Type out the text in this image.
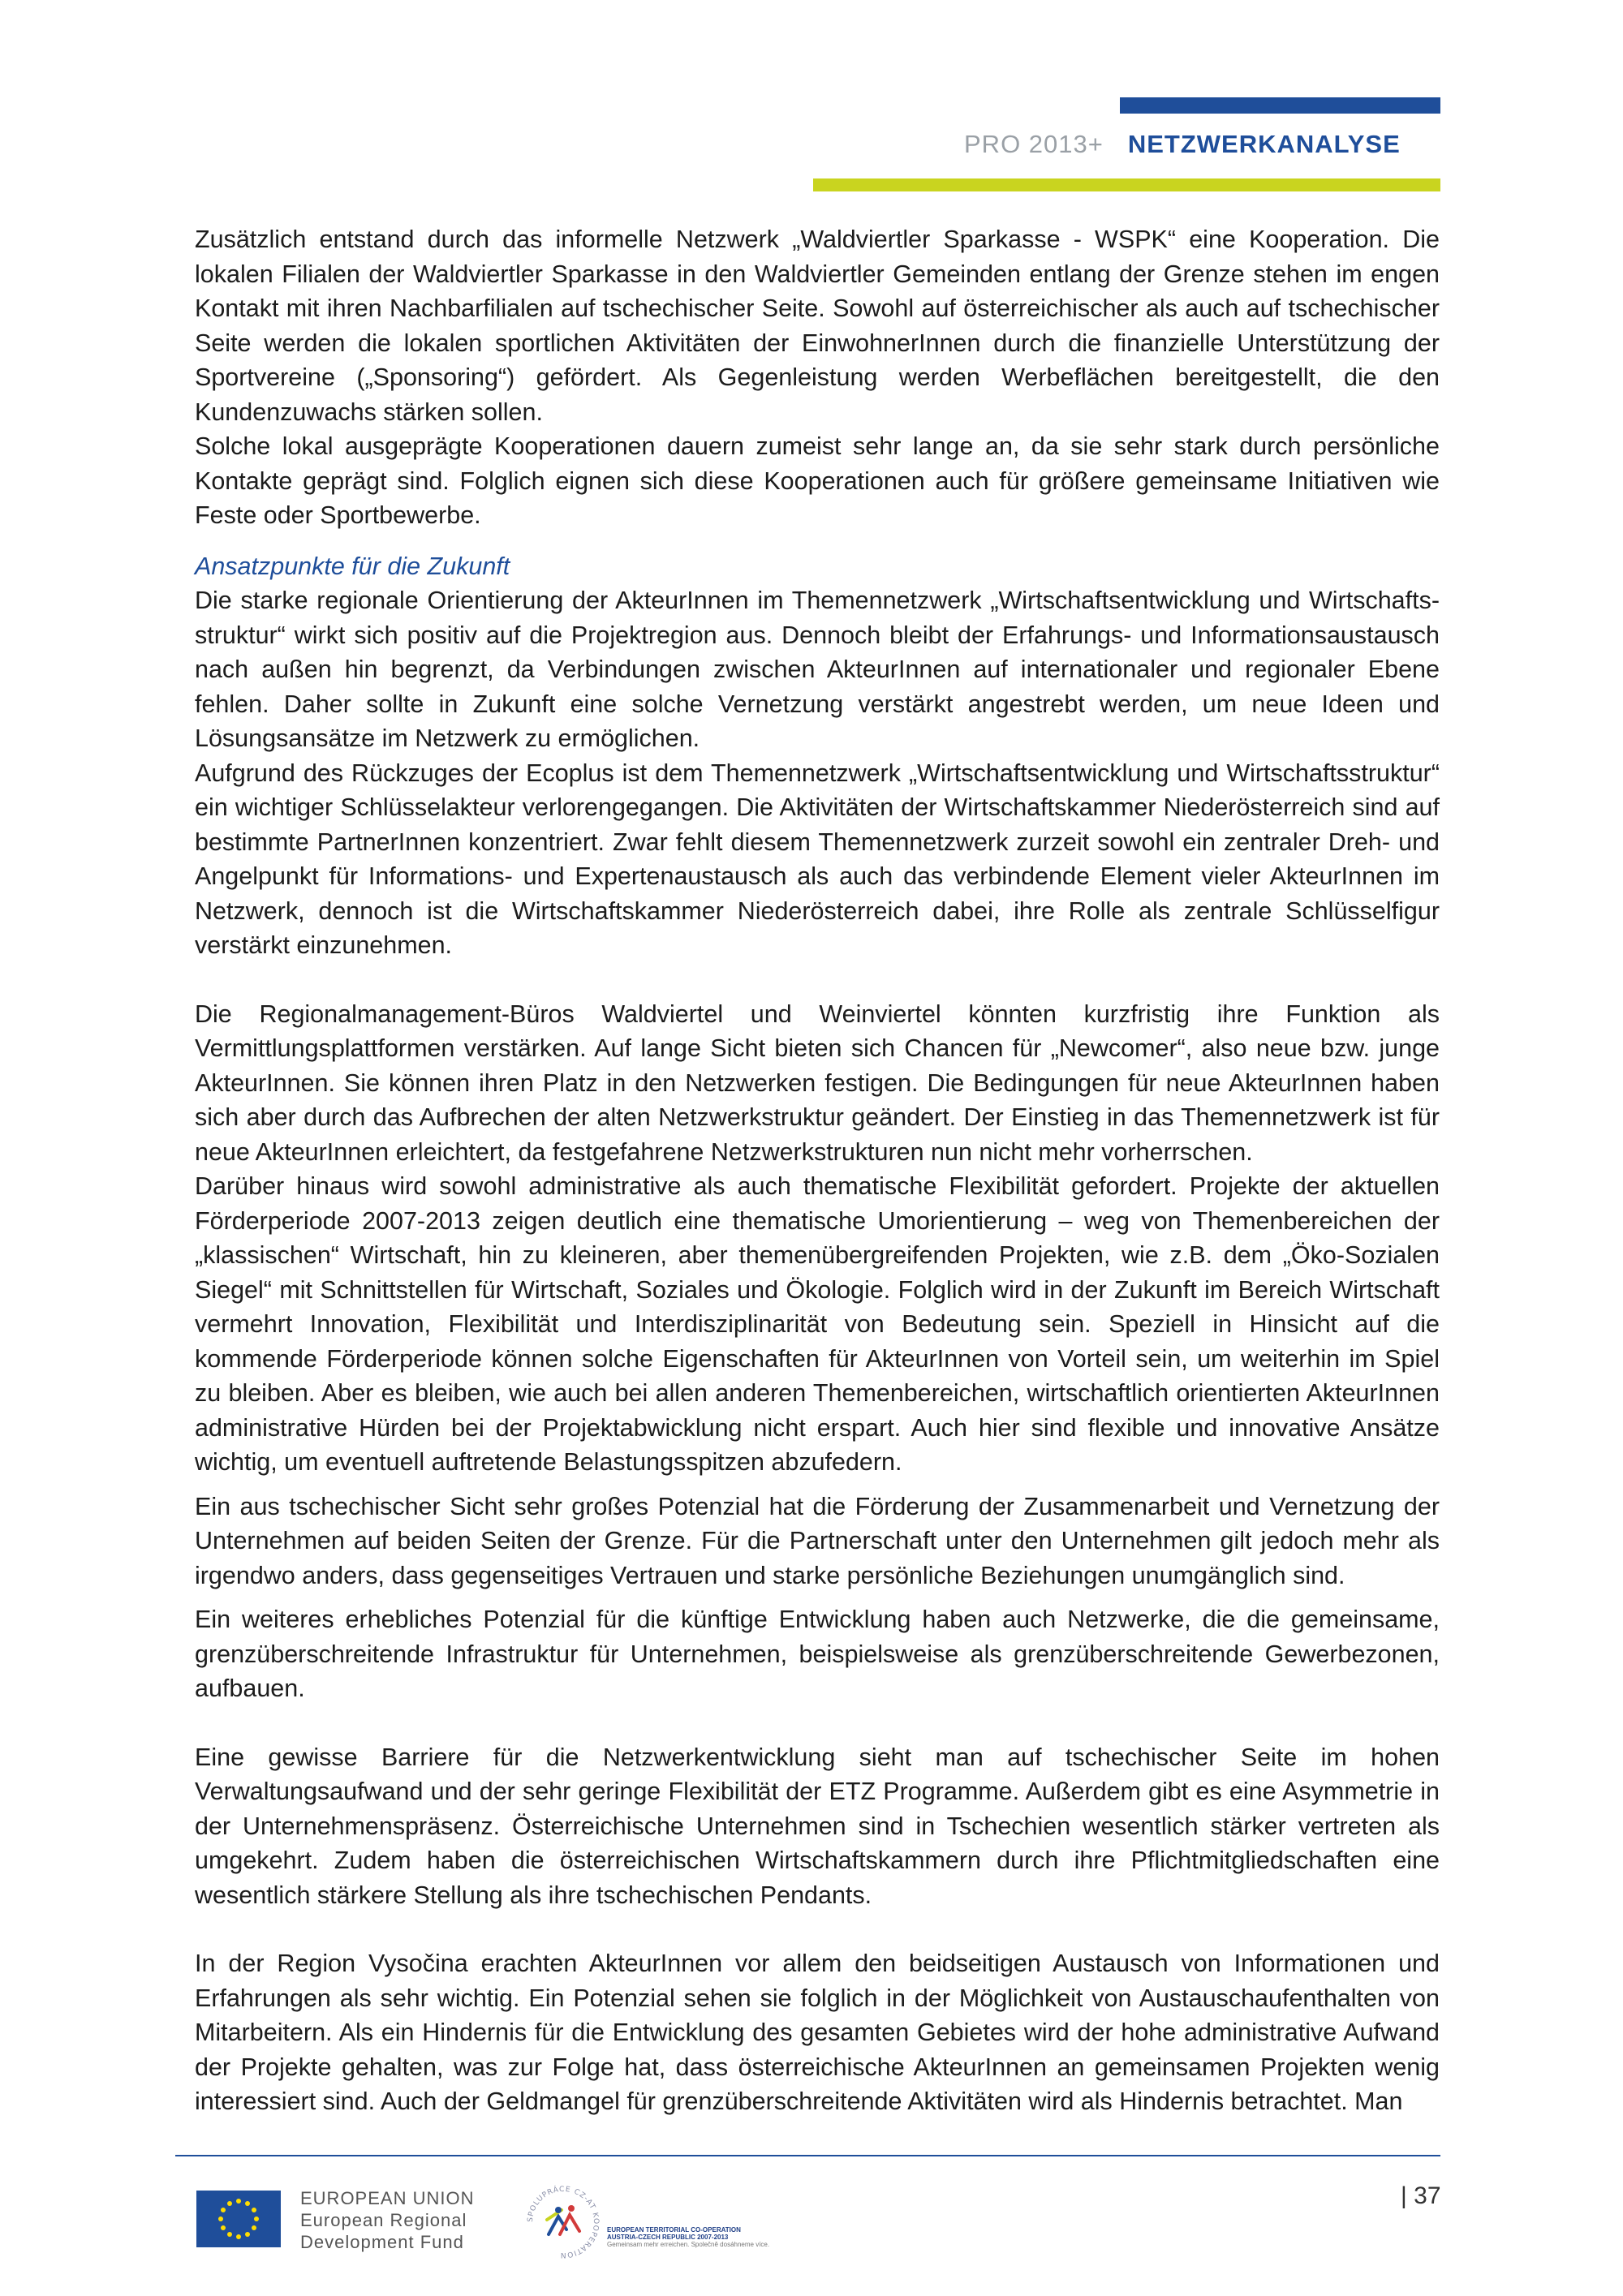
PRO 2013+ NETZWERKANALYSE

Zusätzlich entstand durch das informelle Netzwerk „Waldviertler Sparkasse - WSPK“ eine Kooperation. Die lokalen Filialen der Waldviertler Sparkasse in den Waldviertler Gemeinden entlang der Grenze stehen im engen Kontakt mit ihren Nachbarfilialen auf tschechischer Seite. Sowohl auf österreichischer als auch auf tschechischer Seite werden die lokalen sportlichen Aktivitäten der EinwohnerInnen durch die finanzielle Unterstützung der Sportvereine („Sponsoring“) gefördert. Als Gegenleistung werden Werbeflächen bereitgestellt, die den Kundenzuwachs stärken sollen.

Solche lokal ausgeprägte Kooperationen dauern zumeist sehr lange an, da sie sehr stark durch persönliche Kontakte geprägt sind. Folglich eignen sich diese Kooperationen auch für größere gemeinsame Initiativen wie Feste oder Sportbewerbe.

Ansatzpunkte für die Zukunft

Die starke regionale Orientierung der AkteurInnen im Themennetzwerk „Wirtschaftsentwicklung und Wirtschafts-struktur“ wirkt sich positiv auf die Projektregion aus. Dennoch bleibt der Erfahrungs- und Informationsaustausch nach außen hin begrenzt, da Verbindungen zwischen AkteurInnen auf internationaler und regionaler Ebene fehlen. Daher sollte in Zukunft eine solche Vernetzung verstärkt angestrebt werden, um neue Ideen und Lösungsansätze im Netzwerk zu ermöglichen.

Aufgrund des Rückzuges der Ecoplus ist dem Themennetzwerk „Wirtschaftsentwicklung und Wirtschaftsstruktur“ ein wichtiger Schlüsselakteur verlorengegangen. Die Aktivitäten der Wirtschaftskammer Niederösterreich sind auf bestimmte PartnerInnen konzentriert. Zwar fehlt diesem Themennetzwerk zurzeit sowohl ein zentraler Dreh- und Angelpunkt für Informations- und Expertenaustausch als auch das verbindende Element vieler AkteurInnen im Netzwerk, dennoch ist die Wirtschaftskammer Niederösterreich dabei, ihre Rolle als zentrale Schlüsselfigur verstärkt einzunehmen.

Die Regionalmanagement-Büros Waldviertel und Weinviertel könnten kurzfristig ihre Funktion als Vermittlungsplattformen verstärken. Auf lange Sicht bieten sich Chancen für „Newcomer“, also neue bzw. junge AkteurInnen. Sie können ihren Platz in den Netzwerken festigen. Die Bedingungen für neue AkteurInnen haben sich aber durch das Aufbrechen der alten Netzwerkstruktur geändert. Der Einstieg in das Themennetzwerk ist für neue AkteurInnen erleichtert, da festgefahrene Netzwerkstrukturen nun nicht mehr vorherrschen.

Darüber hinaus wird sowohl administrative als auch thematische Flexibilität gefordert. Projekte der aktuellen Förderperiode 2007-2013 zeigen deutlich eine thematische Umorientierung – weg von Themenbereichen der „klassischen“ Wirtschaft, hin zu kleineren, aber themenübergreifenden Projekten, wie z.B. dem „Öko-Sozialen Siegel“ mit Schnittstellen für Wirtschaft, Soziales und Ökologie. Folglich wird in der Zukunft im Bereich Wirtschaft vermehrt Innovation, Flexibilität und Interdisziplinarität von Bedeutung sein. Speziell in Hinsicht auf die kommende Förderperiode können solche Eigenschaften für AkteurInnen von Vorteil sein, um weiterhin im Spiel zu bleiben. Aber es bleiben, wie auch bei allen anderen Themenbereichen, wirtschaftlich orientierten AkteurInnen administrative Hürden bei der Projektabwicklung nicht erspart. Auch hier sind flexible und innovative Ansätze wichtig, um eventuell auftretende Belastungsspitzen abzufedern.

Ein aus tschechischer Sicht sehr großes Potenzial hat die Förderung der Zusammenarbeit und Vernetzung der Unternehmen auf beiden Seiten der Grenze. Für die Partnerschaft unter den Unternehmen gilt jedoch mehr als irgendwo anders, dass gegenseitiges Vertrauen und starke persönliche Beziehungen unumgänglich sind.

Ein weiteres erhebliches Potenzial für die künftige Entwicklung haben auch Netzwerke, die die gemeinsame, grenzüberschreitende Infrastruktur für Unternehmen, beispielsweise als grenzüberschreitende Gewerbezonen, aufbauen.

Eine gewisse Barriere für die Netzwerkentwicklung sieht man auf tschechischer Seite im hohen Verwaltungsaufwand und der sehr geringe Flexibilität der ETZ Programme. Außerdem gibt es eine Asymmetrie in der Unternehmenspräsenz. Österreichische Unternehmen sind in Tschechien wesentlich stärker vertreten als umgekehrt. Zudem haben die österreichischen Wirtschaftskammern durch ihre Pflichtmitgliedschaften eine wesentlich stärkere Stellung als ihre tschechischen Pendants.

In der Region Vysočina erachten AkteurInnen vor allem den beidseitigen Austausch von Informationen und Erfahrungen als sehr wichtig. Ein Potenzial sehen sie folglich in der Möglichkeit von Austauschaufenthalten von Mitarbeitern. Als ein Hindernis für die Entwicklung des gesamten Gebietes wird der hohe administrative Aufwand der Projekte gehalten, was zur Folge hat, dass österreichische AkteurInnen an gemeinsamen Projekten wenig interessiert sind. Auch der Geldmangel für grenzüberschreitende Aktivitäten wird als Hindernis betrachtet. Man

EUROPEAN UNION
European Regional
Development Fund
SPOLUPRÁCE CZ-AT KOOPERATION
EUROPEAN TERRITORIAL CO-OPERATION
AUSTRIA-CZECH REPUBLIC 2007-2013
Gemeinsam mehr erreichen. Společně dosáhneme více.
| 37
